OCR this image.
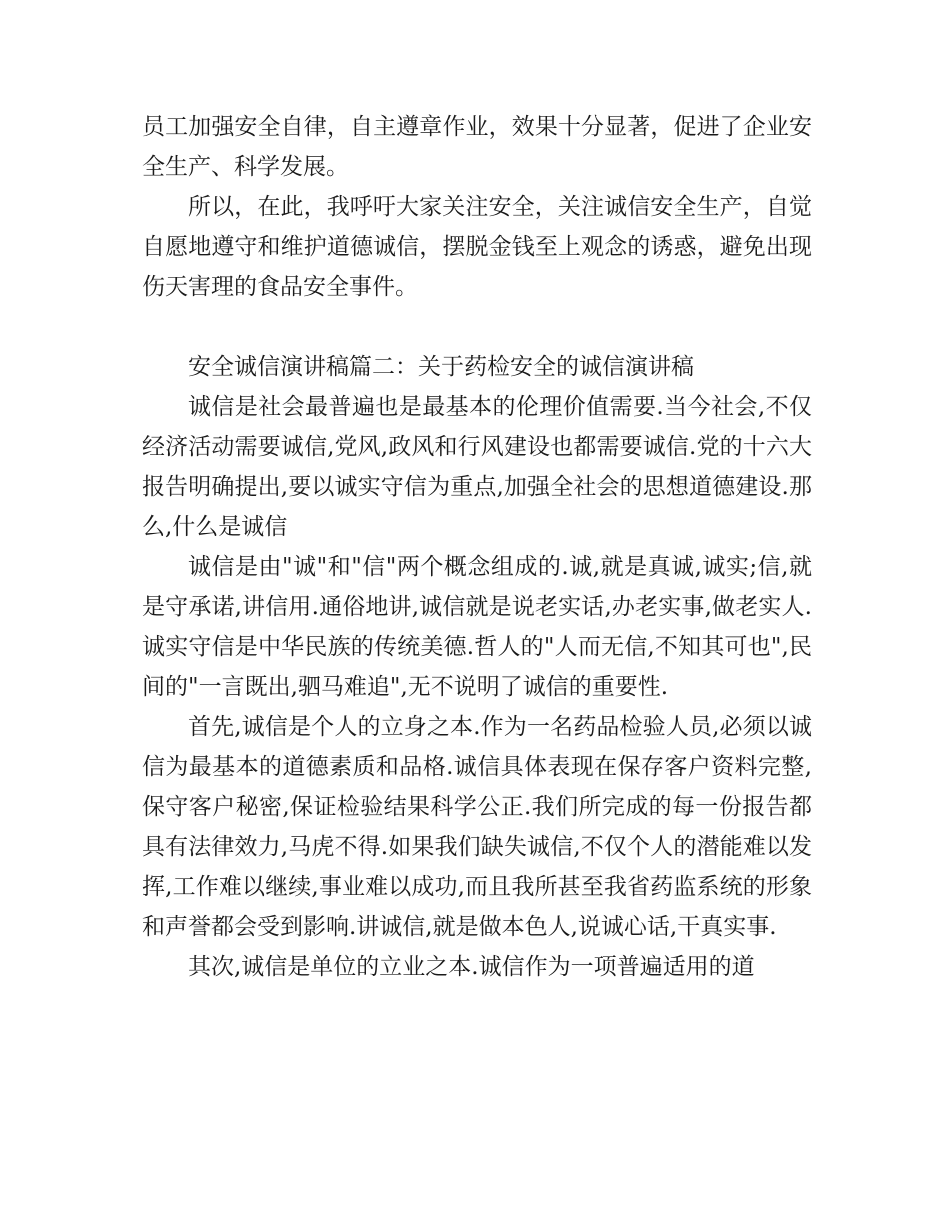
员工加强安全自律，自主遵章作业，效果十分显著，促进了企业安全生产、科学发展。

所以，在此，我呼吁大家关注安全，关注诚信安全生产，自觉自愿地遵守和维护道德诚信，摆脱金钱至上观念的诱惑，避免出现伤天害理的食品安全事件。

安全诚信演讲稿篇二：关于药检安全的诚信演讲稿

诚信是社会最普遍也是最基本的伦理价值需要.当今社会,不仅经济活动需要诚信,党风,政风和行风建设也都需要诚信.党的十六大报告明确提出,要以诚实守信为重点,加强全社会的思想道德建设.那么,什么是诚信

诚信是由"诚"和"信"两个概念组成的.诚,就是真诚,诚实;信,就是守承诺,讲信用.通俗地讲,诚信就是说老实话,办老实事,做老实人.诚实守信是中华民族的传统美德.哲人的"人而无信,不知其可也",民间的"一言既出,驷马难追",无不说明了诚信的重要性.

首先,诚信是个人的立身之本.作为一名药品检验人员,必须以诚信为最基本的道德素质和品格.诚信具体表现在保存客户资料完整,保守客户秘密,保证检验结果科学公正.我们所完成的每一份报告都具有法律效力,马虎不得.如果我们缺失诚信,不仅个人的潜能难以发挥,工作难以继续,事业难以成功,而且我所甚至我省药监系统的形象和声誉都会受到影响.讲诚信,就是做本色人,说诚心话,干真实事.

其次,诚信是单位的立业之本.诚信作为一项普遍适用的道
